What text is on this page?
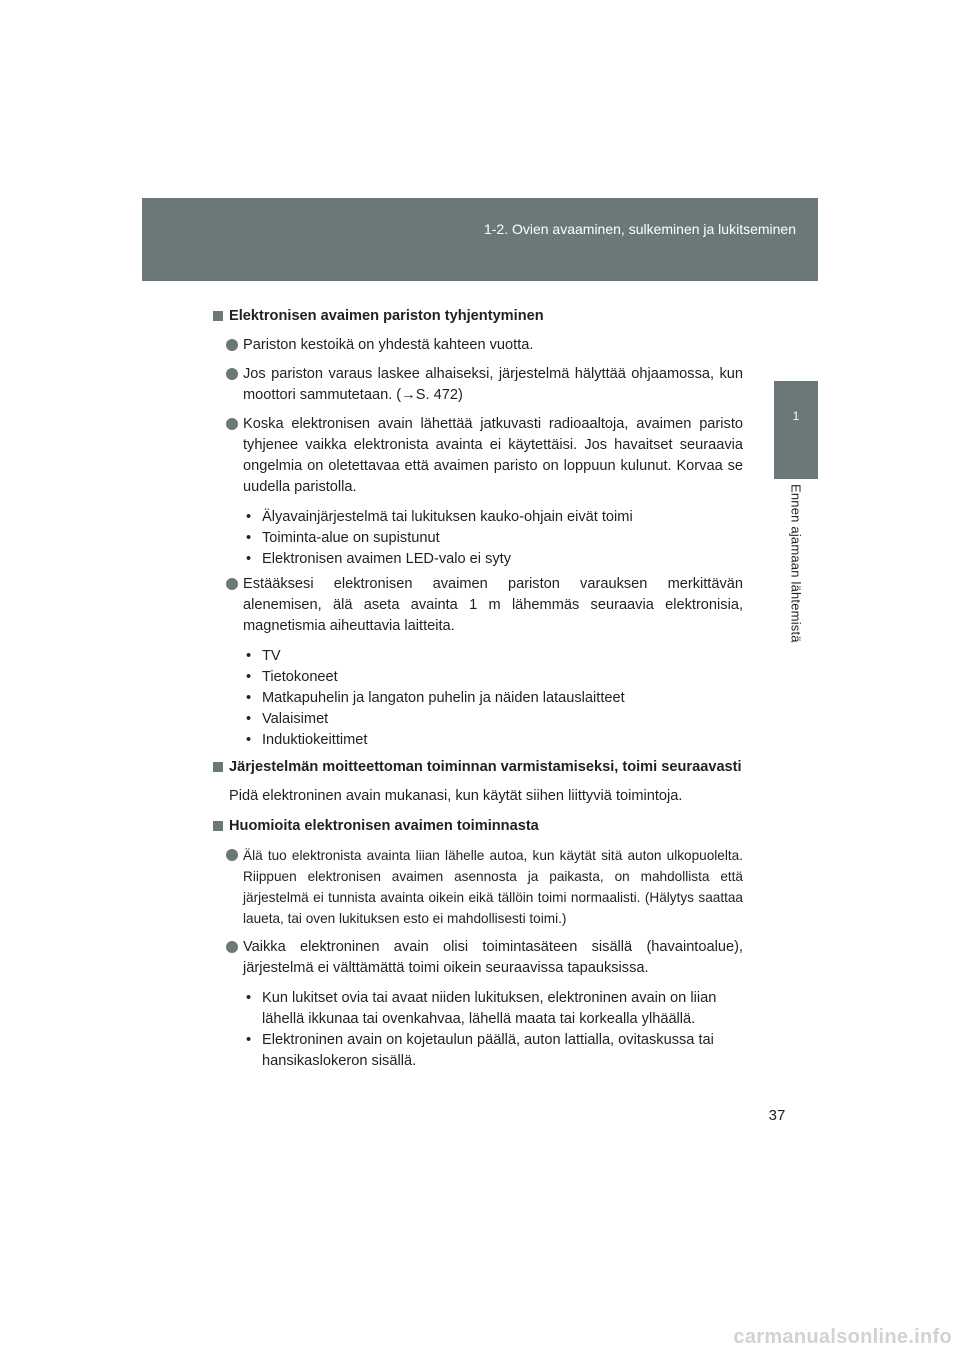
1-2. Ovien avaaminen, sulkeminen ja lukitseminen
1
Ennen ajamaan lähtemistä
Elektronisen avaimen pariston tyhjentyminen
Pariston kestoikä on yhdestä kahteen vuotta.
Jos pariston varaus laskee alhaiseksi, järjestelmä hälyttää ohjaamossa, kun moottori sammutetaan. (→S. 472)
Koska elektronisen avain lähettää jatkuvasti radioaaltoja, avaimen paristo tyhjenee vaikka elektronista avainta ei käytettäisi. Jos havaitset seuraavia ongelmia on oletettavaa että avaimen paristo on loppuun kulunut. Korvaa se uudella paristolla.
• Älyavainjärjestelmä tai lukituksen kauko-ohjain eivät toimi
• Toiminta-alue on supistunut
• Elektronisen avaimen LED-valo ei syty
Estääksesi elektronisen avaimen pariston varauksen merkittävän alenemisen, älä aseta avainta 1 m lähemmäs seuraavia elektronisia, magnetismia aiheuttavia laitteita.
• TV
• Tietokoneet
• Matkapuhelin ja langaton puhelin ja näiden latauslaitteet
• Valaisimet
• Induktiokeittimet
Järjestelmän moitteettoman toiminnan varmistamiseksi, toimi seuraavasti
Pidä elektroninen avain mukanasi, kun käytät siihen liittyviä toimintoja.
Huomioita elektronisen avaimen toiminnasta
Älä tuo elektronista avainta liian lähelle autoa, kun käytät sitä auton ulkopuolelta. Riippuen elektronisen avaimen asennosta ja paikasta, on mahdollista että järjestelmä ei tunnista avainta oikein eikä tällöin toimi normaalisti. (Hälytys saattaa laueta, tai oven lukituksen esto ei mahdollisesti toimi.)
Vaikka elektroninen avain olisi toimintasäteen sisällä (havaintoalue), järjestelmä ei välttämättä toimi oikein seuraavissa tapauksissa.
• Kun lukitset ovia tai avaat niiden lukituksen, elektroninen avain on liian lähellä ikkunaa tai ovenkahvaa, lähellä maata tai korkealla ylhäällä.
• Elektroninen avain on kojetaulun päällä, auton lattialla, ovitaskussa tai hansikaslokeron sisällä.
37
carmanualsonline.info
